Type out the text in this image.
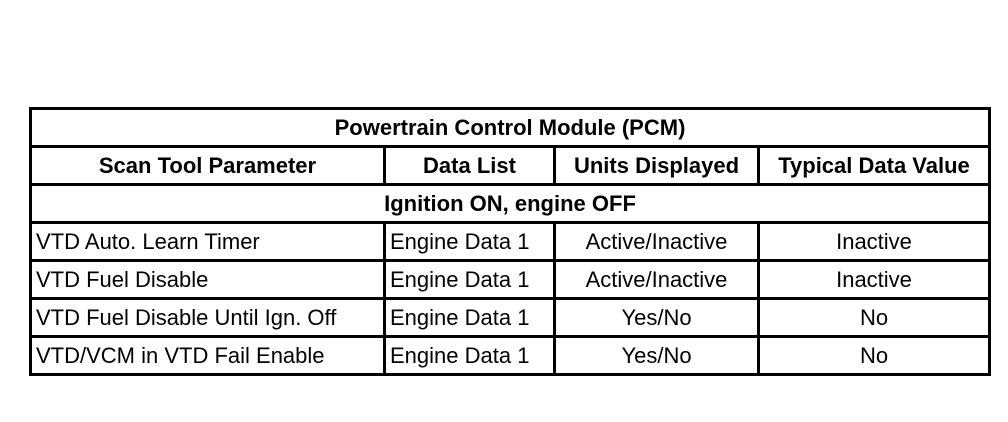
Powertrain Control Module (PCM)			
Scan Tool Parameter	Data List	Units Displayed	Typical Data Value
Ignition ON, engine OFF			
VTD Auto. Learn Timer	Engine Data 1	Active/Inactive	Inactive
VTD Fuel Disable	Engine Data 1	Active/Inactive	Inactive
VTD Fuel Disable Until Ign. Off	Engine Data 1	Yes/No	No
VTD/VCM in VTD Fail Enable	Engine Data 1	Yes/No	No
